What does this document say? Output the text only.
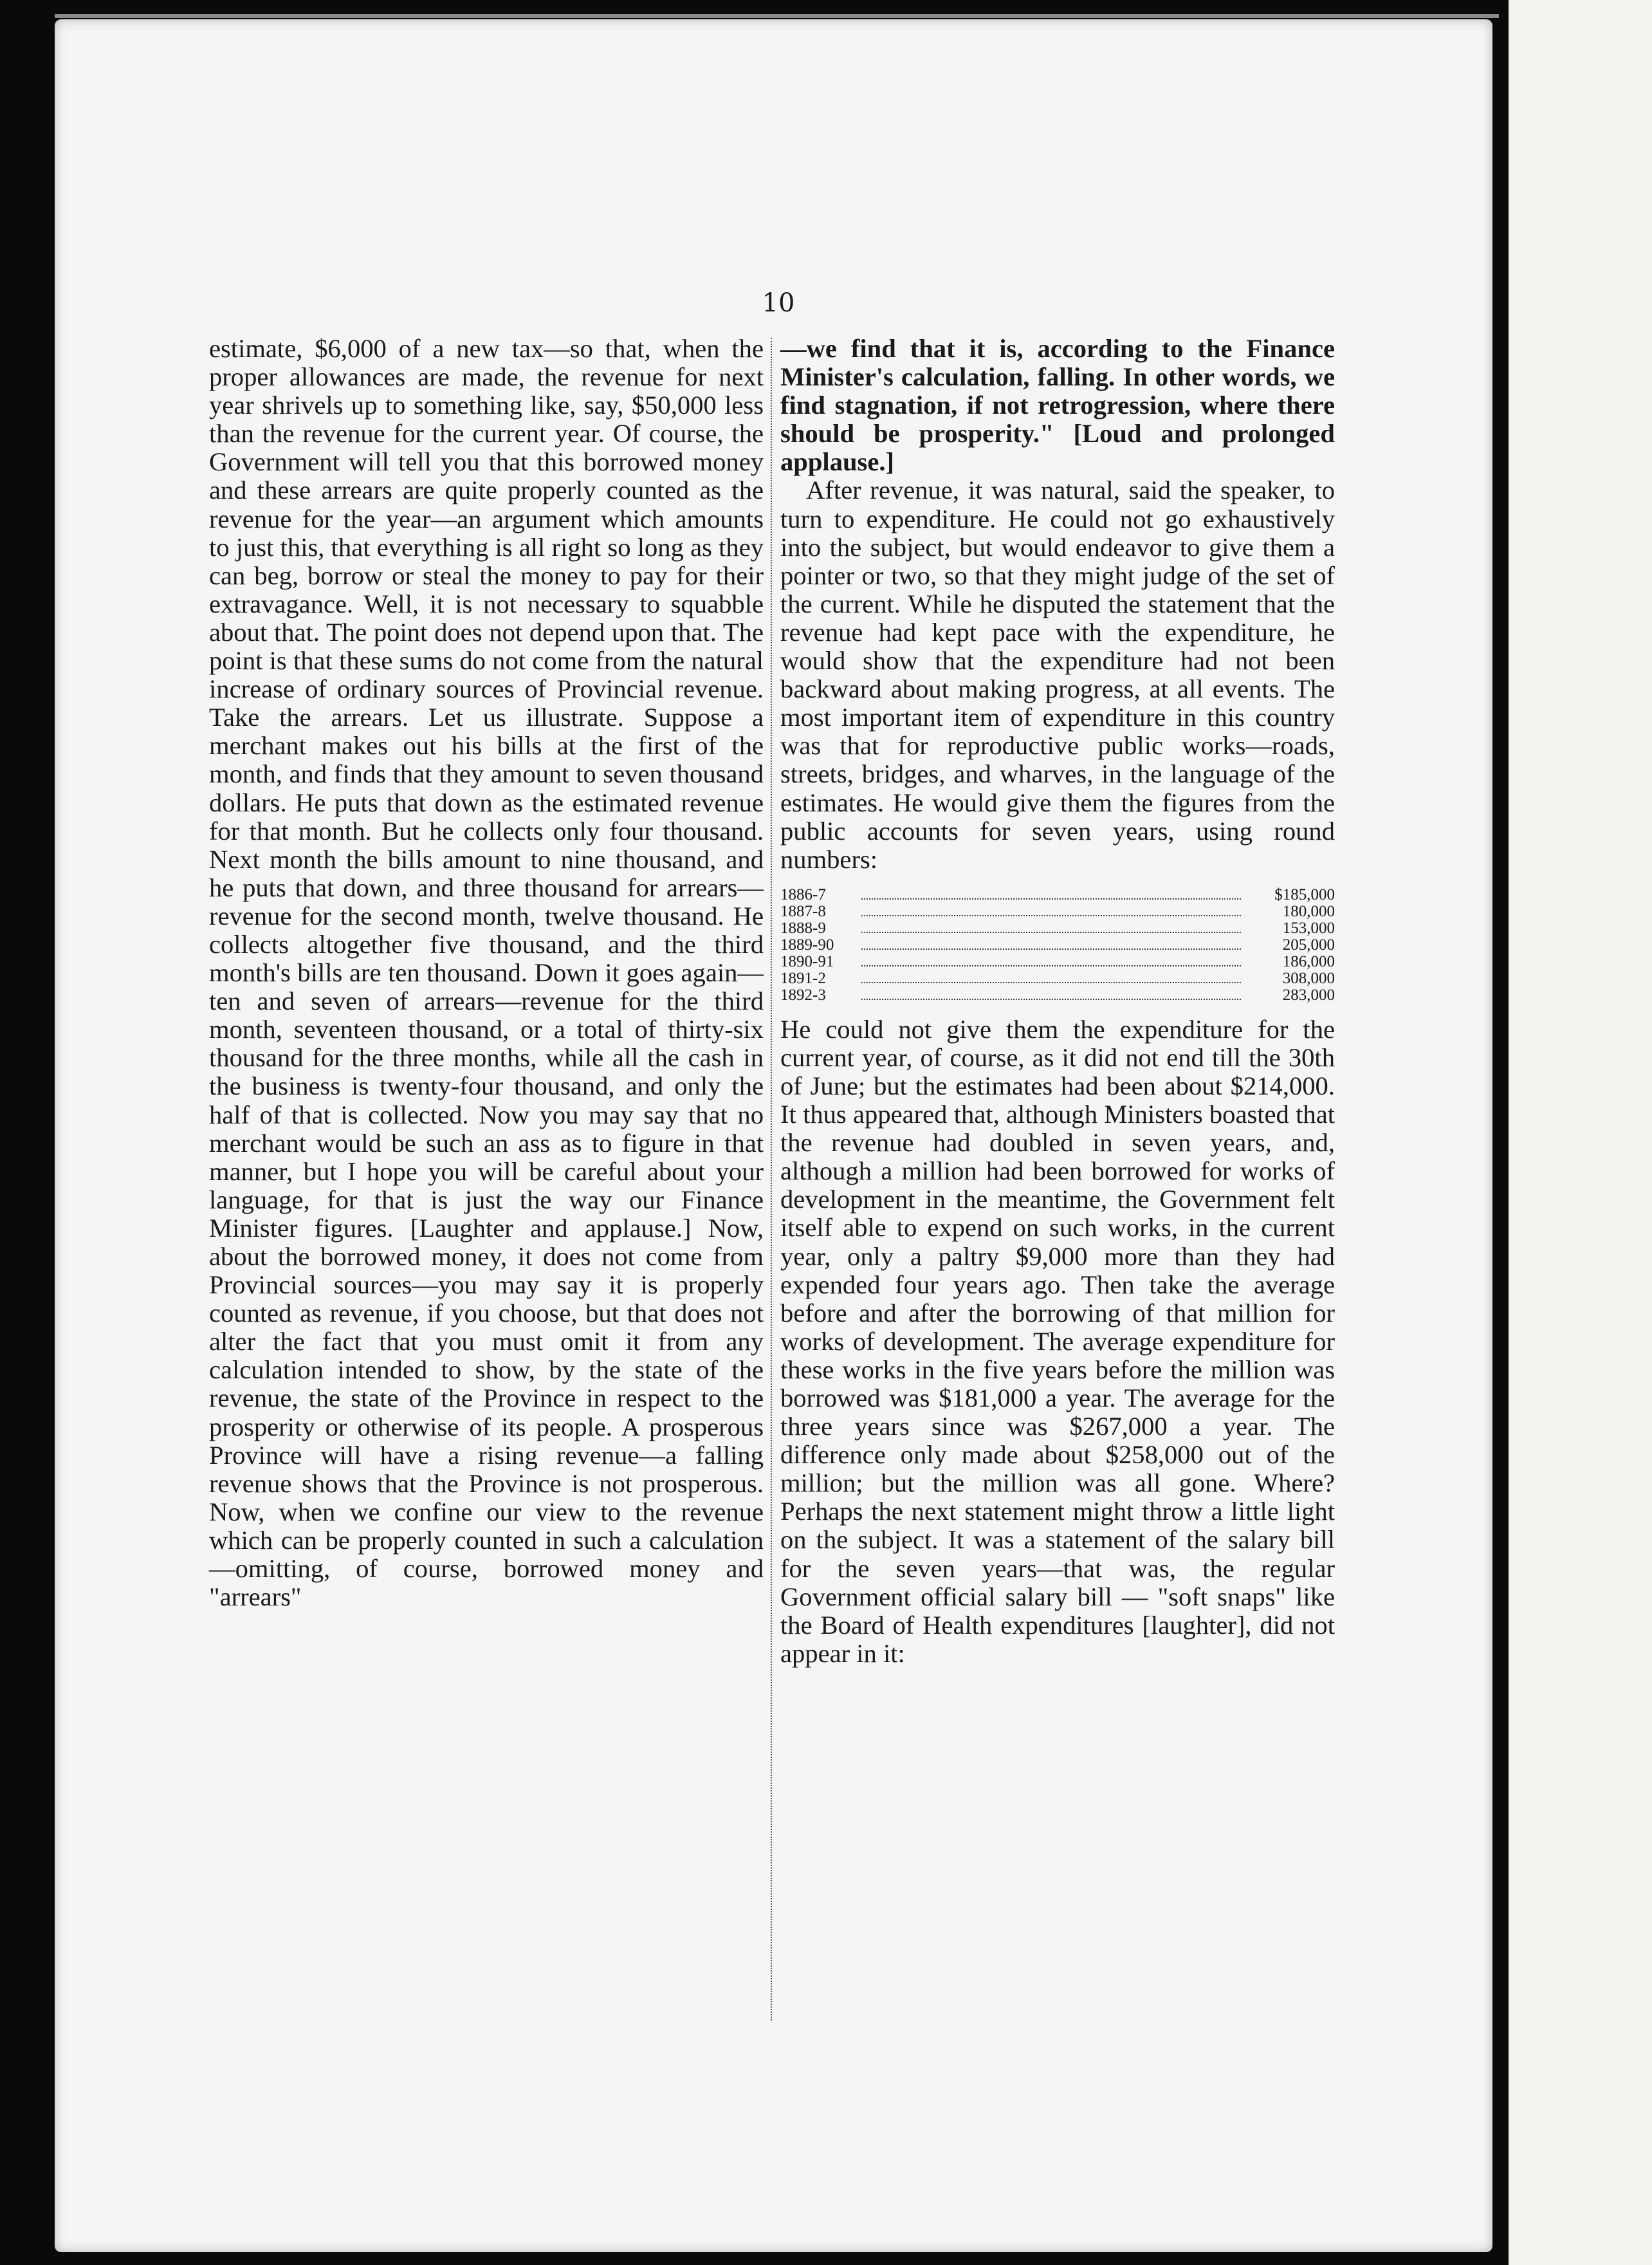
10

estimate, $6,000 of a new tax—so that, when the proper allowances are made, the revenue for next year shrivels up to something like, say, $50,000 less than the revenue for the current year. Of course, the Government will tell you that this borrowed money and these arrears are quite properly counted as the revenue for the year—an argument which amounts to just this, that everything is all right so long as they can beg, borrow or steal the money to pay for their extravagance. Well, it is not necessary to squabble about that. The point does not depend upon that. The point is that these sums do not come from the natural increase of ordinary sources of Provincial revenue. Take the arrears. Let us illustrate. Suppose a merchant makes out his bills at the first of the month, and finds that they amount to seven thousand dollars. He puts that down as the estimated revenue for that month. But he collects only four thousand. Next month the bills amount to nine thousand, and he puts that down, and three thousand for arrears—revenue for the second month, twelve thousand. He collects altogether five thousand, and the third month's bills are ten thousand. Down it goes again—ten and seven of arrears—revenue for the third month, seventeen thousand, or a total of thirty-six thousand for the three months, while all the cash in the business is twenty-four thousand, and only the half of that is collected. Now you may say that no merchant would be such an ass as to figure in that manner, but I hope you will be careful about your language, for that is just the way our Finance Minister figures. [Laughter and applause.] Now, about the borrowed money, it does not come from Provincial sources—you may say it is properly counted as revenue, if you choose, but that does not alter the fact that you must omit it from any calculation intended to show, by the state of the revenue, the state of the Province in respect to the prosperity or otherwise of its people. A prosperous Province will have a rising revenue—a falling revenue shows that the Province is not prosperous. Now, when we confine our view to the revenue which can be properly counted in such a calculation—omitting, of course, borrowed money and "arrears"

—we find that it is, according to the Finance Minister's calculation, falling. In other words, we find stagnation, if not retrogression, where there should be prosperity." [Loud and prolonged applause.]

After revenue, it was natural, said the speaker, to turn to expenditure. He could not go exhaustively into the subject, but would endeavor to give them a pointer or two, so that they might judge of the set of the current. While he disputed the statement that the revenue had kept pace with the expenditure, he would show that the expenditure had not been backward about making progress, at all events. The most important item of expenditure in this country was that for reproductive public works—roads, streets, bridges, and wharves, in the language of the estimates. He would give them the figures from the public accounts for seven years, using round numbers:

1886-7	$185,000
1887-8	180,000
1888-9	153,000
1889-90	205,000
1890-91	186,000
1891-2	308,000
1892-3	283,000

He could not give them the expenditure for the current year, of course, as it did not end till the 30th of June; but the estimates had been about $214,000. It thus appeared that, although Ministers boasted that the revenue had doubled in seven years, and, although a million had been borrowed for works of development in the meantime, the Government felt itself able to expend on such works, in the current year, only a paltry $9,000 more than they had expended four years ago. Then take the average before and after the borrowing of that million for works of development. The average expenditure for these works in the five years before the million was borrowed was $181,000 a year. The average for the three years since was $267,000 a year. The difference only made about $258,000 out of the million; but the million was all gone. Where? Perhaps the next statement might throw a little light on the subject. It was a statement of the salary bill for the seven years—that was, the regular Government official salary bill — "soft snaps" like the Board of Health expenditures [laughter], did not appear in it:
